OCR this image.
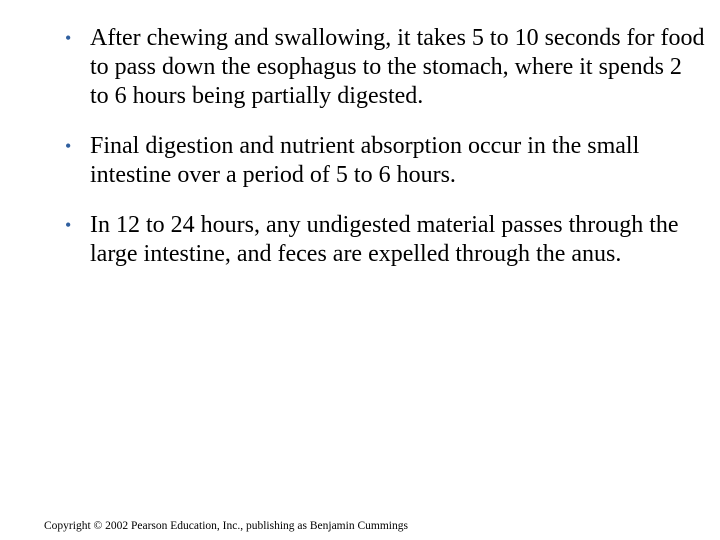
• After chewing and swallowing, it takes 5 to 10 seconds for food to pass down the esophagus to the stomach, where it spends 2 to 6 hours being partially digested.
• Final digestion and nutrient absorption occur in the small intestine over a period of 5 to 6 hours.
• In 12 to 24 hours, any undigested material passes through the large intestine, and feces are expelled through the anus.
Copyright © 2002 Pearson Education, Inc., publishing as Benjamin Cummings
